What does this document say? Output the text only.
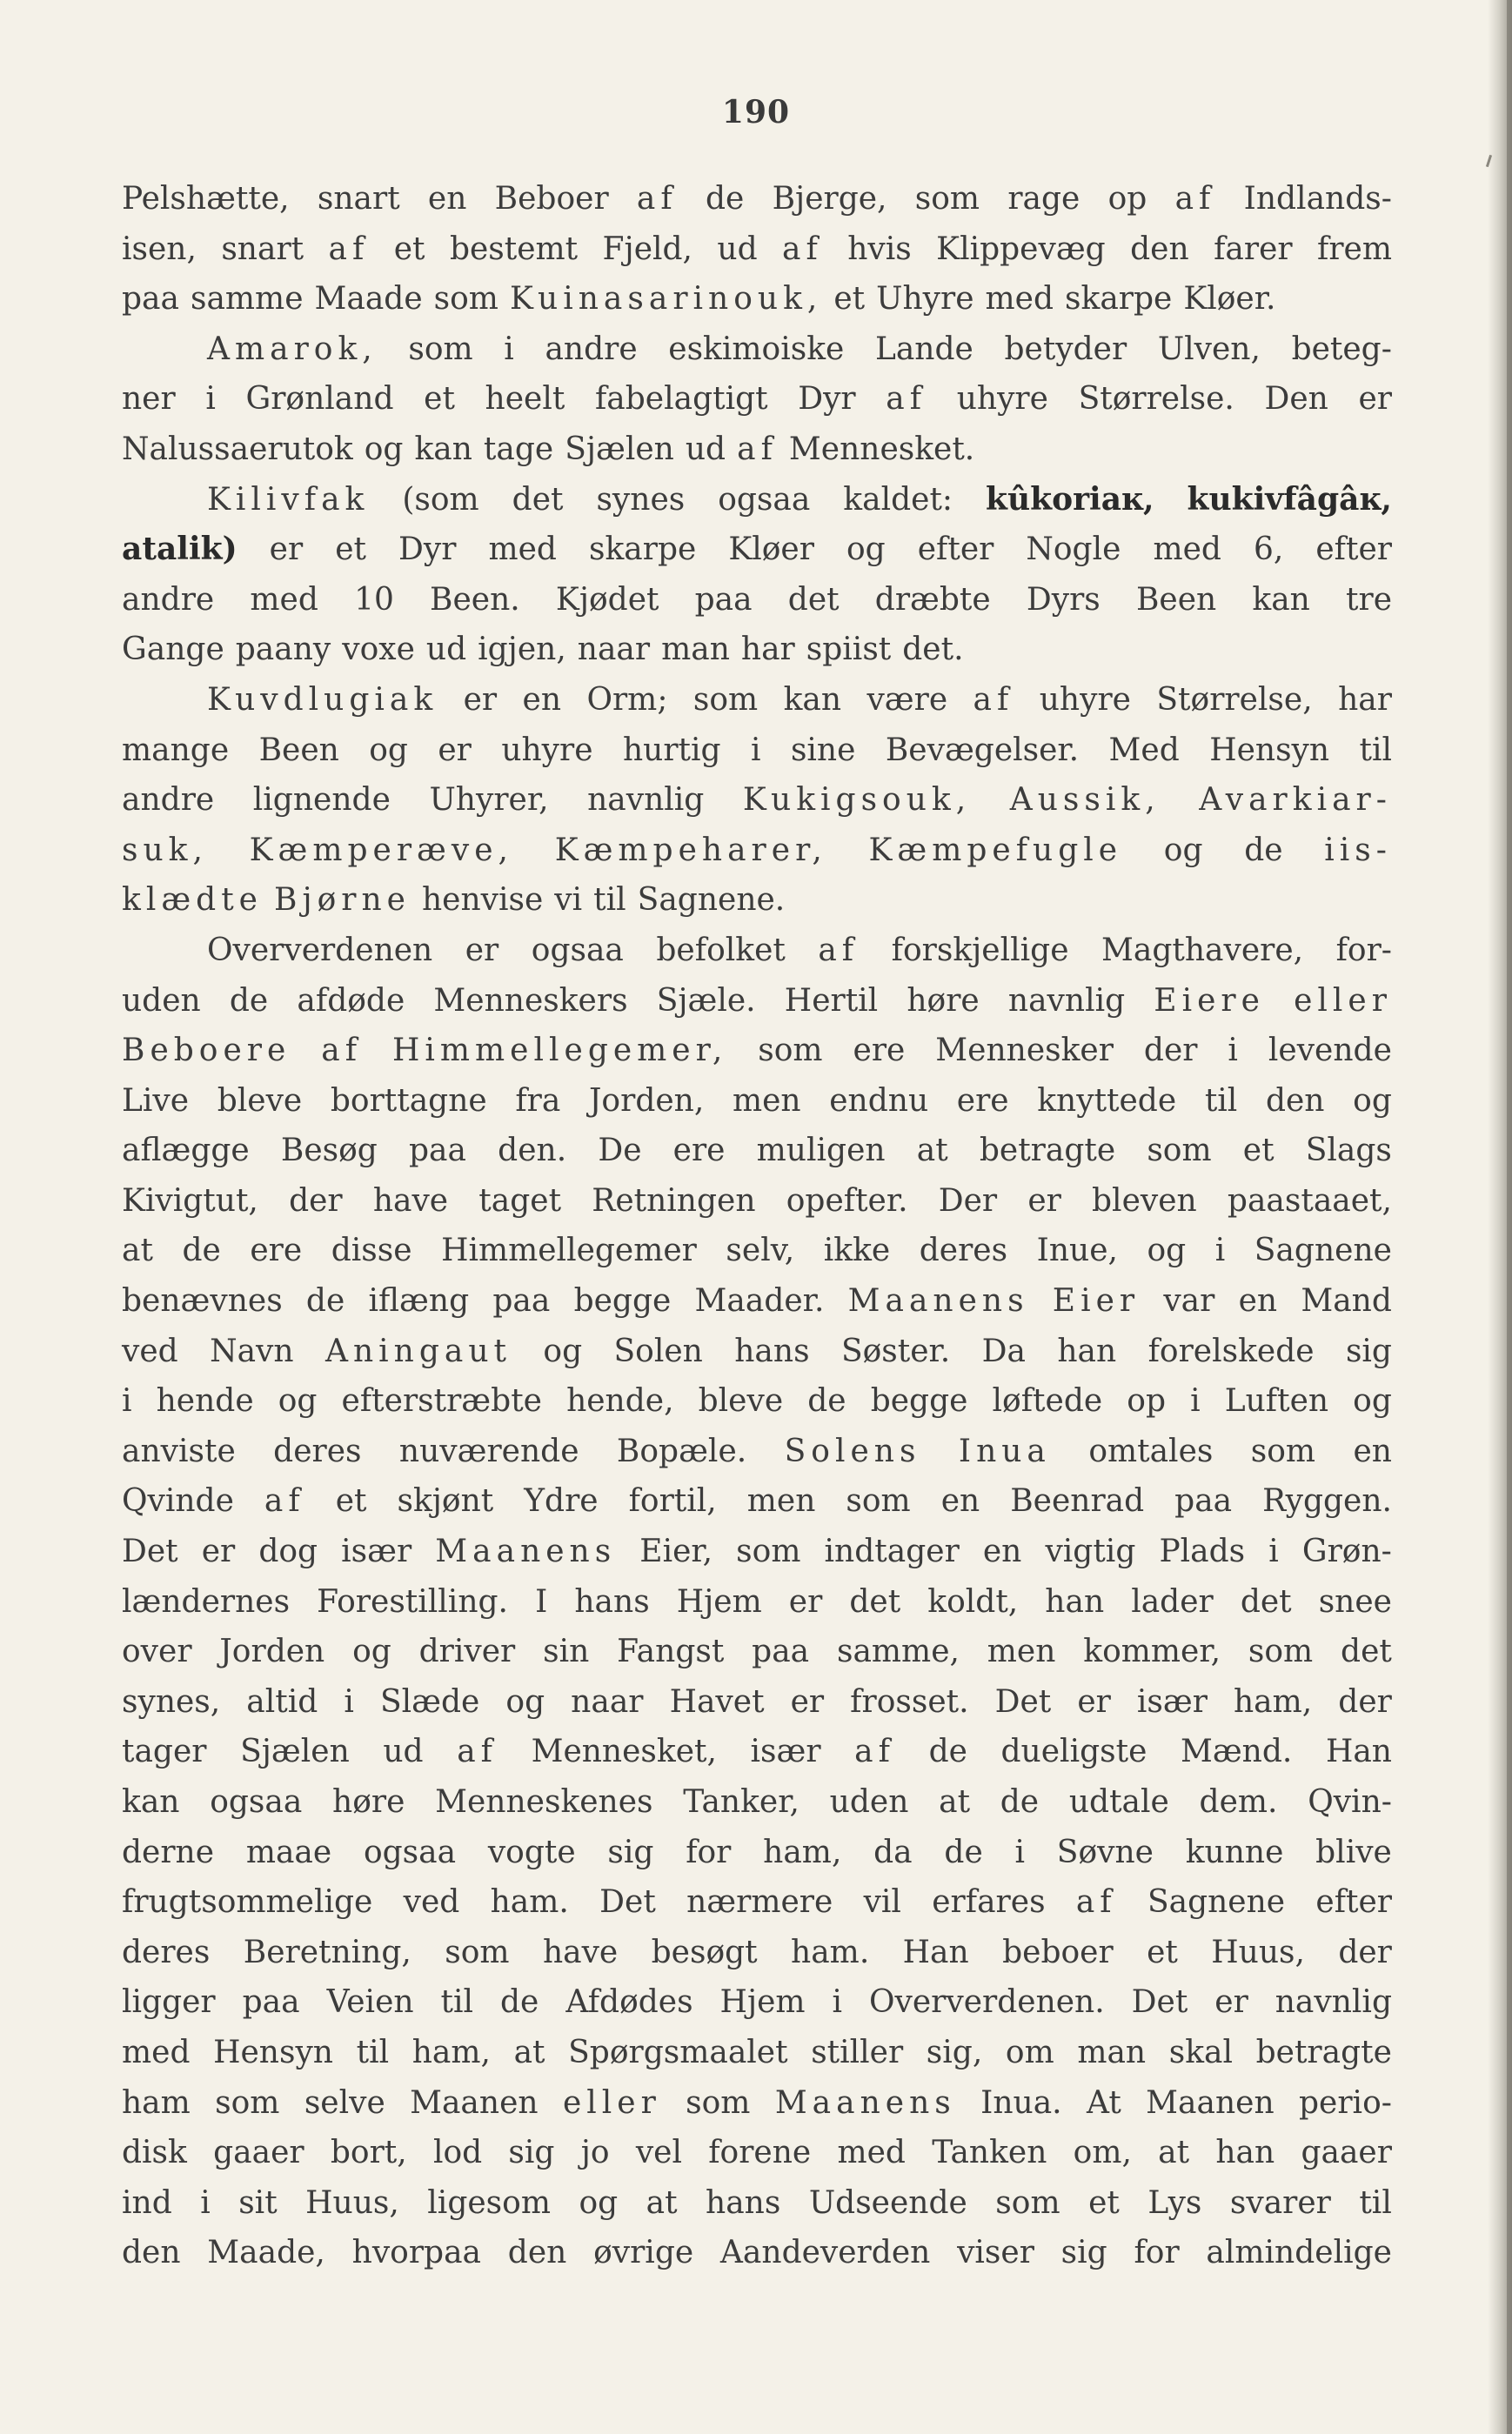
190
Pelshætte, snart en Beboer af de Bjerge, som rage op af Indlands-
isen, snart af et bestemt Fjeld, ud af hvis Klippevæg den farer frem
paa samme Maade som Kuinasarinouk, et Uhyre med skarpe Kløer.
Amarok, som i andre eskimoiske Lande betyder Ulven, beteg-
ner i Grønland et heelt fabelagtigt Dyr af uhyre Størrelse. Den er
Nalussaerutok og kan tage Sjælen ud af Mennesket.
Kilivfak (som det synes ogsaa kaldet: kûkoriaĸ, kukivfâgâĸ,
atalik) er et Dyr med skarpe Kløer og efter Nogle med 6, efter
andre med 10 Been. Kjødet paa det dræbte Dyrs Been kan tre
Gange paany voxe ud igjen, naar man har spiist det.
Kuvdlugiak er en Orm; som kan være af uhyre Størrelse, har
mange Been og er uhyre hurtig i sine Bevægelser. Med Hensyn til
andre lignende Uhyrer, navnlig Kukigsouk, Aussik, Avarkiar-
suk, Kæmperæve, Kæmpeharer, Kæmpefugle og de iis-
klædte Bjørne henvise vi til Sagnene.
Oververdenen er ogsaa befolket af forskjellige Magthavere, for-
uden de afdøde Menneskers Sjæle. Hertil høre navnlig Eiere eller
Beboere af Himmellegemer, som ere Mennesker der i levende
Live bleve borttagne fra Jorden, men endnu ere knyttede til den og
aflægge Besøg paa den. De ere muligen at betragte som et Slags
Kivigtut, der have taget Retningen opefter. Der er bleven paastaaet,
at de ere disse Himmellegemer selv, ikke deres Inue, og i Sagnene
benævnes de iflæng paa begge Maader. Maanens Eier var en Mand
ved Navn Aningaut og Solen hans Søster. Da han forelskede sig
i hende og efterstræbte hende, bleve de begge løftede op i Luften og
anviste deres nuværende Bopæle. Solens Inua omtales som en
Qvinde af et skjønt Ydre fortil, men som en Beenrad paa Ryggen.
Det er dog især Maanens Eier, som indtager en vigtig Plads i Grøn-
lændernes Forestilling. I hans Hjem er det koldt, han lader det snee
over Jorden og driver sin Fangst paa samme, men kommer, som det
synes, altid i Slæde og naar Havet er frosset. Det er især ham, der
tager Sjælen ud af Mennesket, især af de dueligste Mænd. Han
kan ogsaa høre Menneskenes Tanker, uden at de udtale dem. Qvin-
derne maae ogsaa vogte sig for ham, da de i Søvne kunne blive
frugtsommelige ved ham. Det nærmere vil erfares af Sagnene efter
deres Beretning, som have besøgt ham. Han beboer et Huus, der
ligger paa Veien til de Afdødes Hjem i Oververdenen. Det er navnlig
med Hensyn til ham, at Spørgsmaalet stiller sig, om man skal betragte
ham som selve Maanen eller som Maanens Inua. At Maanen perio-
disk gaaer bort, lod sig jo vel forene med Tanken om, at han gaaer
ind i sit Huus, ligesom og at hans Udseende som et Lys svarer til
den Maade, hvorpaa den øvrige Aandeverden viser sig for almindelige
